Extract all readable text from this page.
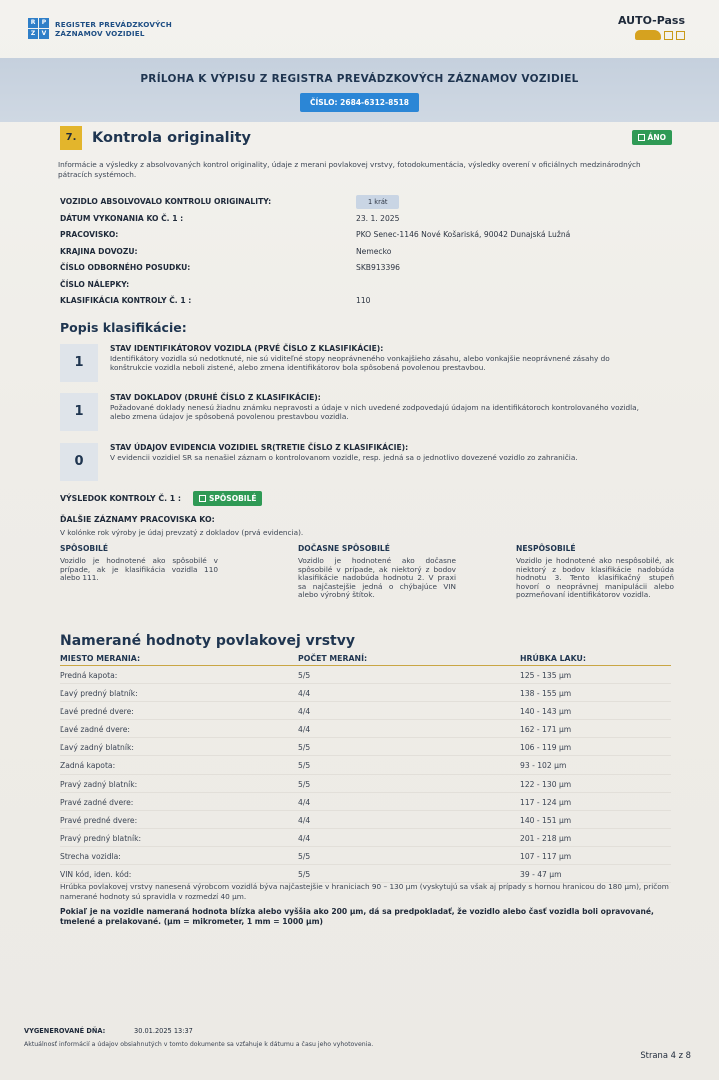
R	P
Z	V
REGISTER PREVÁDZKOVÝCH
ZÁZNAMOV VOZIDIEL
AUTO-Pass
PRÍLOHA K VÝPISU Z REGISTRA PREVÁDZKOVÝCH ZÁZNAMOV VOZIDIEL
ČÍSLO: 2684-6312-8518
7.	Kontrola originality	ÁNO
Informácie a výsledky z absolvovaných kontrol originality, údaje z merani povlakovej vrstvy, fotodokumentácia, výsledky overení v oficiálnych medzinárodných pátracích systémoch.
VOZIDLO ABSOLVOVALO KONTROLU ORIGINALITY:	1 krát
DÁTUM VYKONANIA KO Č. 1 :	23. 1. 2025
PRACOVISKO:	PKO Senec-1146 Nové Košariská, 90042 Dunajská Lužná
KRAJINA DOVOZU:	Nemecko
ČÍSLO ODBORNÉHO POSUDKU:	SKB913396
ČÍSLO NÁLEPKY:
KLASIFIKÁCIA KONTROLY Č. 1 :	110
Popis klasifikácie:
1
STAV IDENTIFIKÁTOROV VOZIDLA (PRVÉ ČÍSLO Z KLASIFIKÁCIE):
Identifikátory vozidla sú nedotknuté, nie sú viditeľné stopy neoprávneného vonkajšieho zásahu, alebo vonkajšie neoprávnené zásahy do konštrukcie vozidla neboli zistené, alebo zmena identifikátorov bola spôsobená povolenou prestavbou.
1
STAV DOKLADOV (DRUHÉ ČÍSLO Z KLASIFIKÁCIE):
Požadované doklady nenesú žiadnu známku nepravosti a údaje v nich uvedené zodpovedajú údajom na identifikátoroch kontrolovaného vozidla, alebo zmena údajov je spôsobená povolenou prestavbou vozidla.
0
STAV ÚDAJOV EVIDENCIA VOZIDIEL SR(TRETIE ČÍSLO Z KLASIFIKÁCIE):
V evidencii vozidiel SR sa nenašiel záznam o kontrolovanom vozidle, resp. jedná sa o jednotlivo dovezené vozidlo zo zahraničia.
VÝSLEDOK KONTROLY Č. 1 :	SPÔSOBILÉ
ĎALŠIE ZÁZNAMY PRACOVISKA KO:
V kolónke rok výroby je údaj prevzatý z dokladov (prvá evidencia).
SPÔSOBILÉ

Vozidlo je hodnotené ako spôsobilé v prípade, ak je klasifikácia vozidla 110 alebo 111.

DOČASNE SPÔSOBILÉ

Vozidlo je hodnotené ako dočasne spôsobilé v prípade, ak niektorý z bodov klasifikácie nadobúda hodnotu 2. V praxi sa najčastejšie jedná o chýbajúce VIN alebo výrobný štítok.

NESPÔSOBILÉ

Vozidlo je hodnotené ako nespôsobilé, ak niektorý z bodov klasifikácie nadobúda hodnotu 3. Tento klasifikačný stupeň hovorí o neoprávnej manipulácii alebo pozmeňovaní identifikátorov vozidla.

Namerané hodnoty povlakovej vrstvy
MIESTO MERANIA:	POČET MERANÍ:	HRÚBKA LAKU:
Predná kapota:	5/5	125 - 135 µm
Ľavý predný blatník:	4/4	138 - 155 µm
Ľavé predné dvere:	4/4	140 - 143 µm
Ľavé zadné dvere:	4/4	162 - 171 µm
Ľavý zadný blatník:	5/5	106 - 119 µm
Zadná kapota:	5/5	93 - 102 µm
Pravý zadný blatník:	5/5	122 - 130 µm
Pravé zadné dvere:	4/4	117 - 124 µm
Pravé predné dvere:	4/4	140 - 151 µm
Pravý predný blatník:	4/4	201 - 218 µm
Strecha vozidla:	5/5	107 - 117 µm
VIN kód, iden. kód:	5/5	39 - 47 µm
Hrúbka povlakovej vrstvy nanesená výrobcom vozidlá býva najčastejšie v hraniciach 90 – 130 µm (vyskytujú sa však aj prípady s hornou hranicou do 180 µm), pričom namerané hodnoty sú spravidla v rozmedzí 40 µm.
Pokiaľ je na vozidle nameraná hodnota blízka alebo vyššia ako 200 µm, dá sa predpokladať, že vozidlo alebo časť vozidla boli opravované, tmelené a prelakované. (µm = mikrometer, 1 mm = 1000 µm)
VYGENEROVANÉ DŇA:	30.01.2025 13:37
Aktuálnosť informácií a údajov obsiahnutých v tomto dokumente sa vzťahuje k dátumu a času jeho vyhotovenia.
Strana 4 z 8
